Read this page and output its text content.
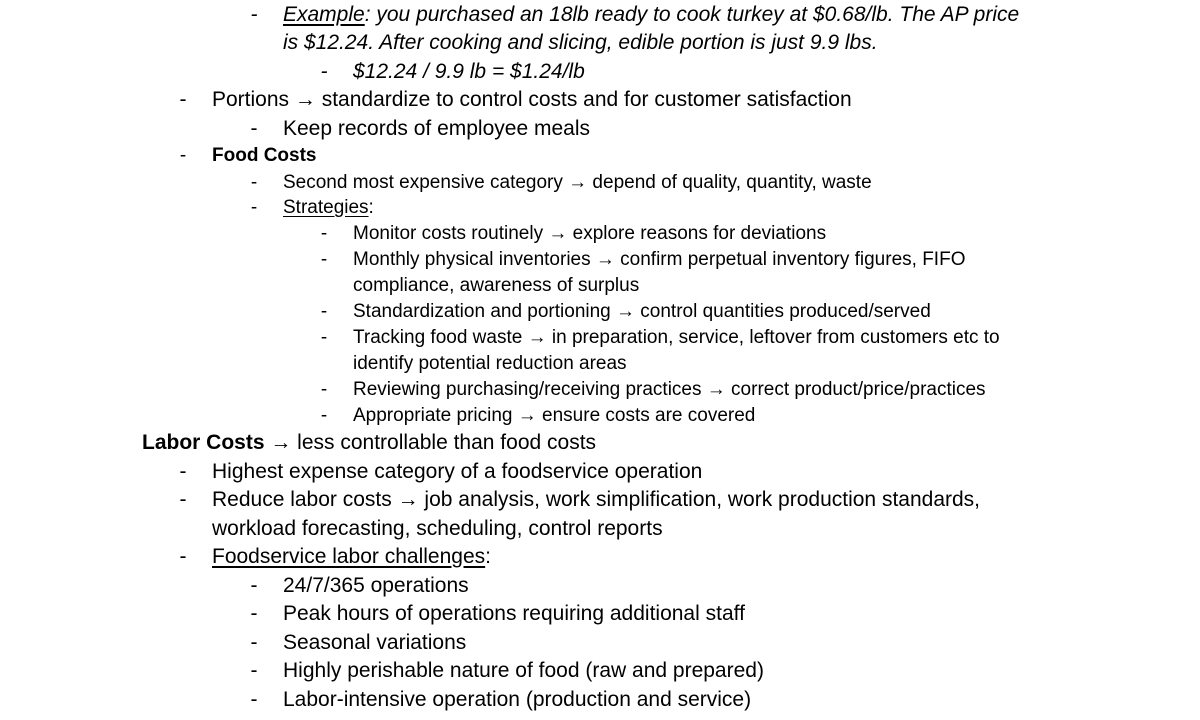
- Example: you purchased an 18lb ready to cook turkey at $0.68/lb. The AP price
is $12.24. After cooking and slicing, edible portion is just 9.9 lbs.
- $12.24 / 9.9 lb = $1.24/lb
- Portions → standardize to control costs and for customer satisfaction
- Keep records of employee meals
- Food Costs
- Second most expensive category → depend of quality, quantity, waste
- Strategies:
- Monitor costs routinely → explore reasons for deviations
- Monthly physical inventories → confirm perpetual inventory figures, FIFO
compliance, awareness of surplus
- Standardization and portioning → control quantities produced/served
- Tracking food waste → in preparation, service, leftover from customers etc to
identify potential reduction areas
- Reviewing purchasing/receiving practices → correct product/price/practices
- Appropriate pricing → ensure costs are covered
Labor Costs → less controllable than food costs
- Highest expense category of a foodservice operation
- Reduce labor costs → job analysis, work simplification, work production standards,
workload forecasting, scheduling, control reports
- Foodservice labor challenges:
- 24/7/365 operations
- Peak hours of operations requiring additional staff
- Seasonal variations
- Highly perishable nature of food (raw and prepared)
- Labor-intensive operation (production and service)
